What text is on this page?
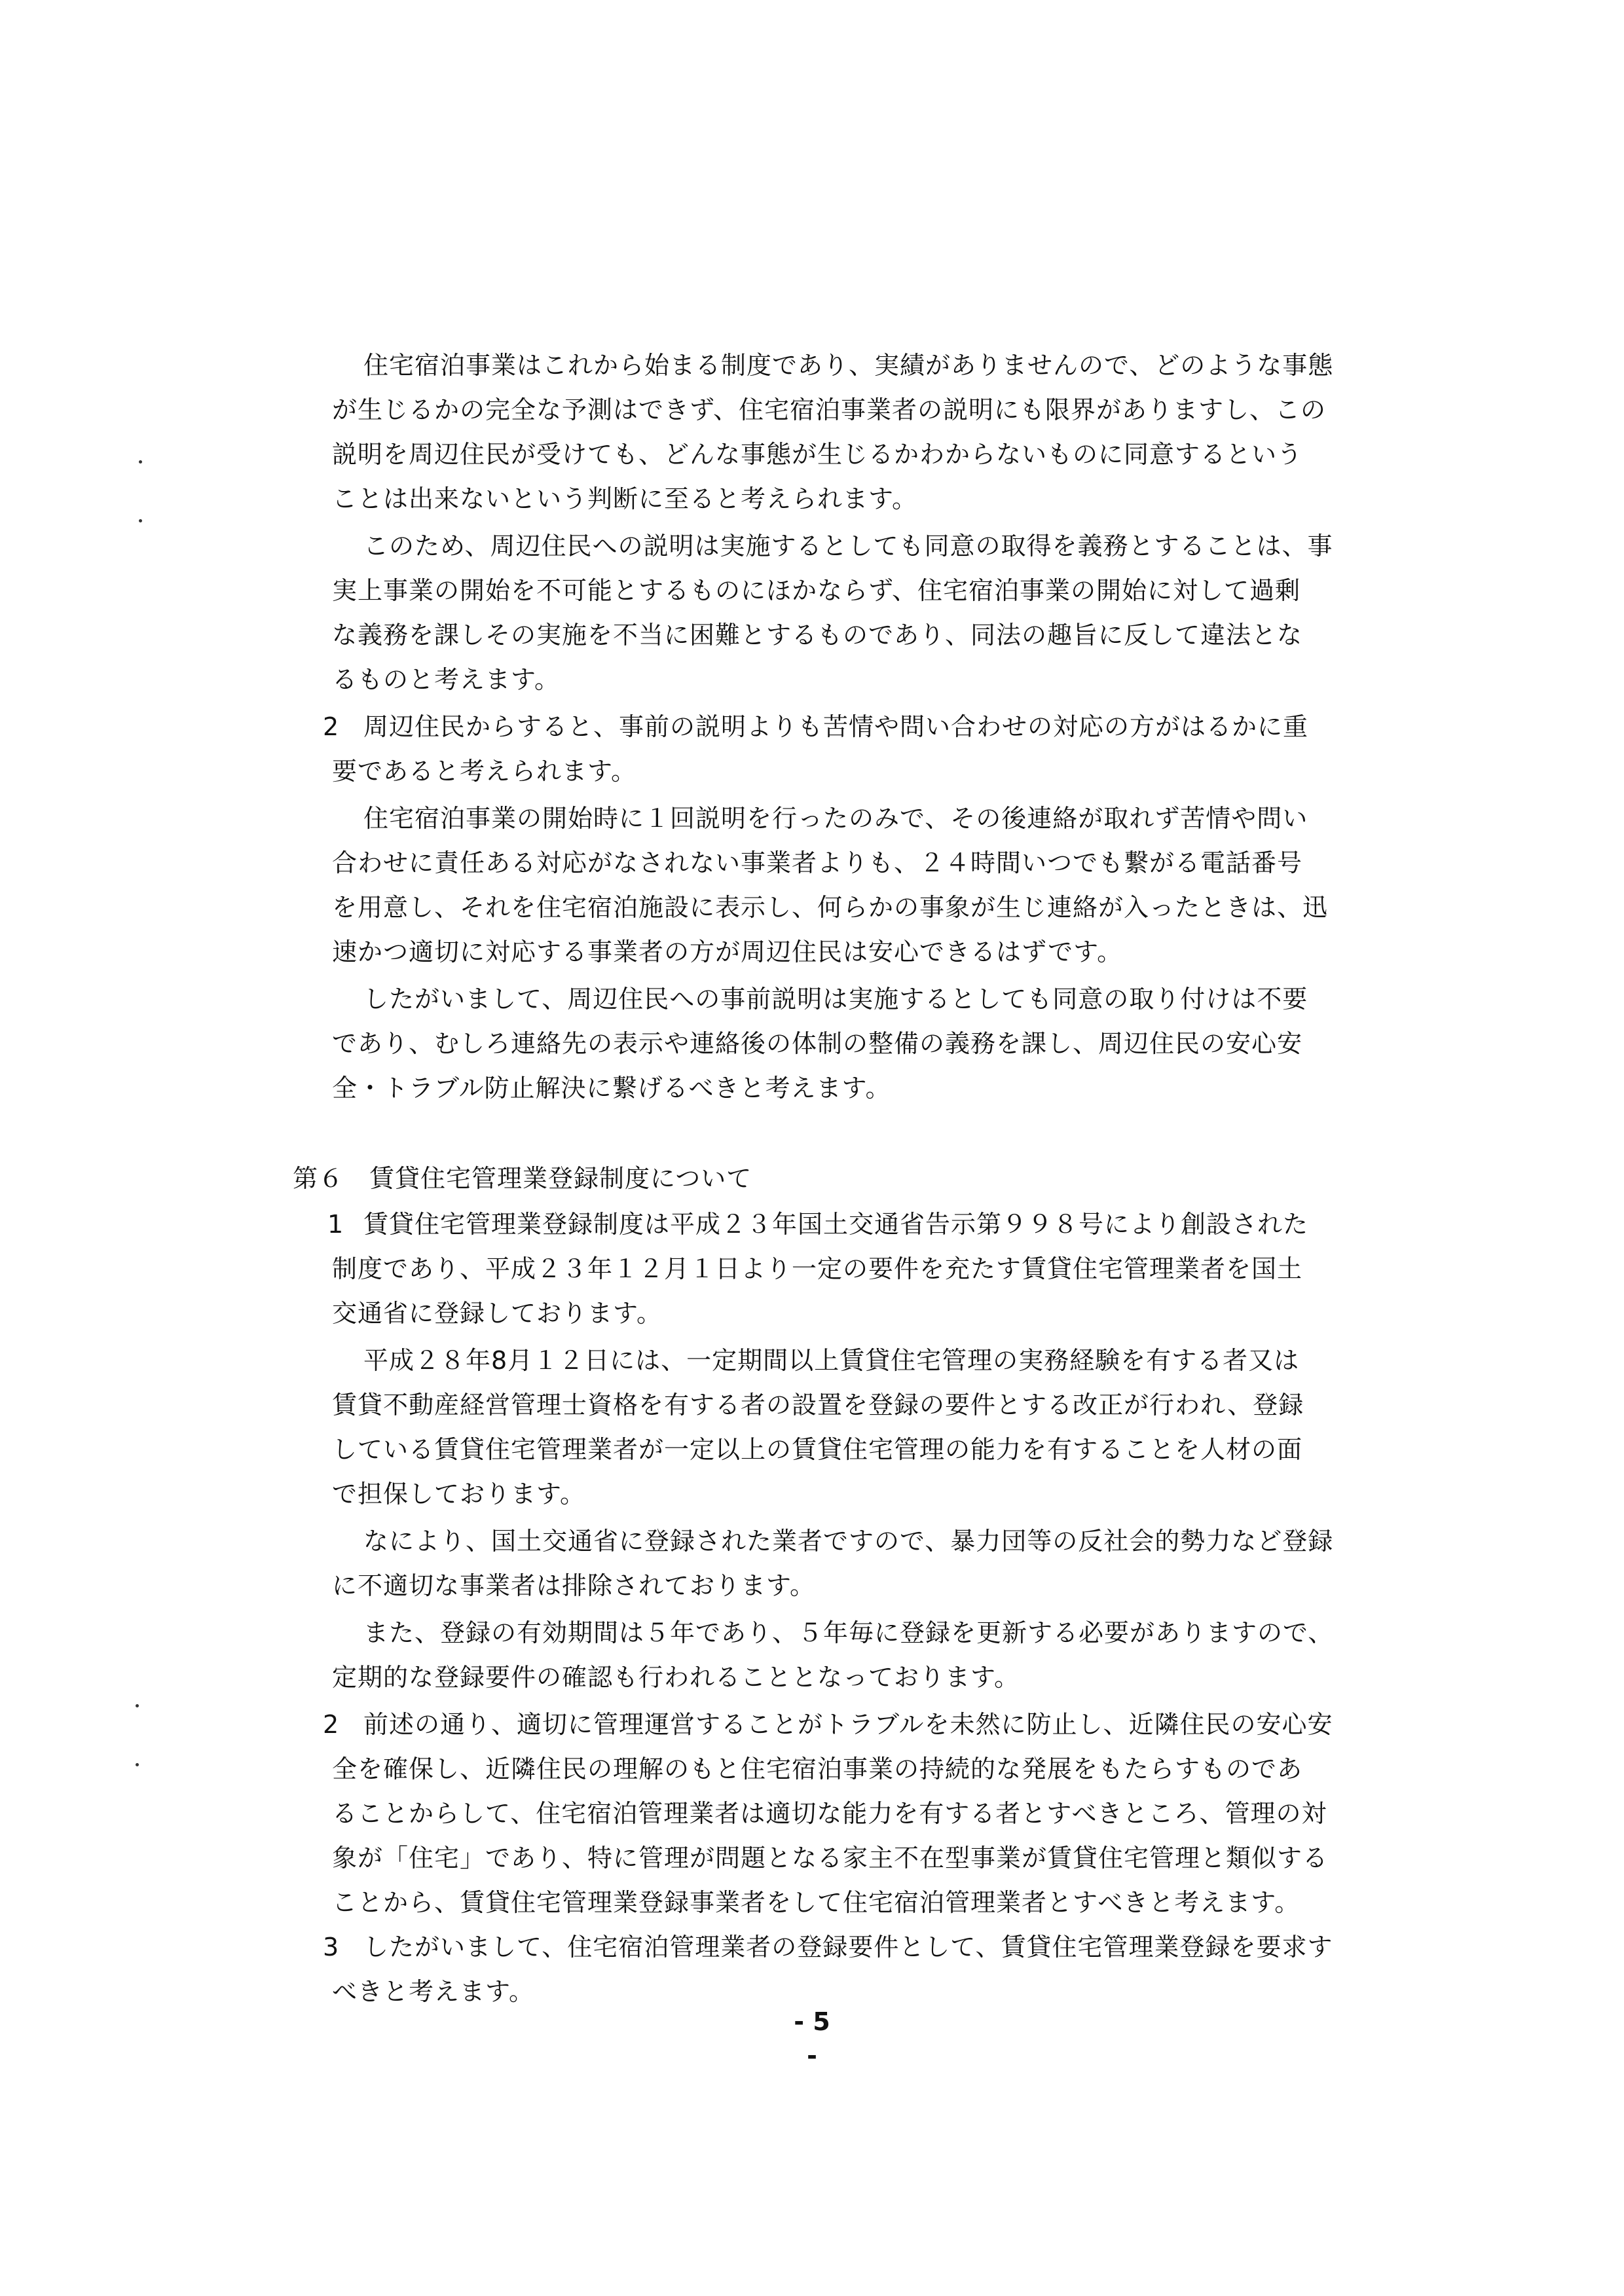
住宅宿泊事業はこれから始まる制度であり、実績がありませんので、どのような事態
が生じるかの完全な予測はできず、住宅宿泊事業者の説明にも限界がありますし、この
説明を周辺住民が受けても、どんな事態が生じるかわからないものに同意するという
ことは出来ないという判断に至ると考えられます。
このため、周辺住民への説明は実施するとしても同意の取得を義務とすることは、事
実上事業の開始を不可能とするものにほかならず、住宅宿泊事業の開始に対して過剰
な義務を課しその実施を不当に困難とするものであり、同法の趣旨に反して違法とな
るものと考えます。
2 周辺住民からすると、事前の説明よりも苦情や問い合わせの対応の方がはるかに重
要であると考えられます。
住宅宿泊事業の開始時に１回説明を行ったのみで、その後連絡が取れず苦情や問い
合わせに責任ある対応がなされない事業者よりも、２４時間いつでも繋がる電話番号
を用意し、それを住宅宿泊施設に表示し、何らかの事象が生じ連絡が入ったときは、迅
速かつ適切に対応する事業者の方が周辺住民は安心できるはずです。
したがいまして、周辺住民への事前説明は実施するとしても同意の取り付けは不要
であり、むしろ連絡先の表示や連絡後の体制の整備の義務を課し、周辺住民の安心安
全・トラブル防止解決に繋げるべきと考えます。
第６　賃貸住宅管理業登録制度について
1 賃貸住宅管理業登録制度は平成２３年国土交通省告示第９９８号により創設された
制度であり、平成２３年１２月１日より一定の要件を充たす賃貸住宅管理業者を国土
交通省に登録しております。
平成２８年8月１２日には、一定期間以上賃貸住宅管理の実務経験を有する者又は
賃貸不動産経営管理士資格を有する者の設置を登録の要件とする改正が行われ、登録
している賃貸住宅管理業者が一定以上の賃貸住宅管理の能力を有することを人材の面
で担保しております。
なにより、国土交通省に登録された業者ですので、暴力団等の反社会的勢力など登録
に不適切な事業者は排除されております。
また、登録の有効期間は５年であり、５年毎に登録を更新する必要がありますので、
定期的な登録要件の確認も行われることとなっております。
2 前述の通り、適切に管理運営することがトラブルを未然に防止し、近隣住民の安心安
全を確保し、近隣住民の理解のもと住宅宿泊事業の持続的な発展をもたらすものであ
ることからして、住宅宿泊管理業者は適切な能力を有する者とすべきところ、管理の対
象が「住宅」であり、特に管理が問題となる家主不在型事業が賃貸住宅管理と類似する
ことから、賃貸住宅管理業登録事業者をして住宅宿泊管理業者とすべきと考えます。
3 したがいまして、住宅宿泊管理業者の登録要件として、賃貸住宅管理業登録を要求す
べきと考えます。
- 5 -
